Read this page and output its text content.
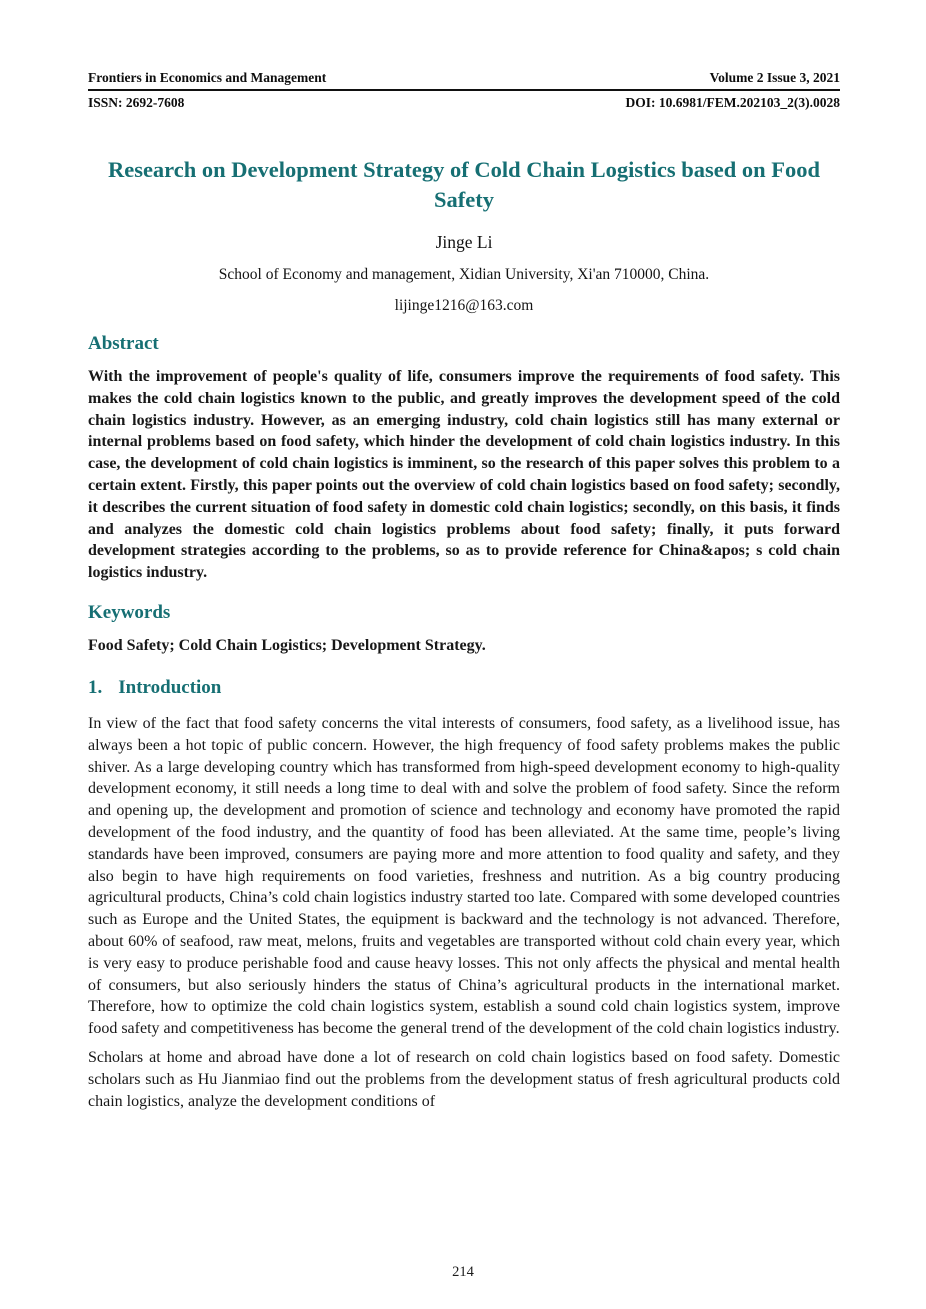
Frontiers in Economics and Management	Volume 2 Issue 3, 2021
ISSN: 2692-7608	DOI: 10.6981/FEM.202103_2(3).0028
Research on Development Strategy of Cold Chain Logistics based on Food Safety
Jinge Li
School of Economy and management, Xidian University, Xi'an 710000, China.
lijinge1216@163.com
Abstract

With the improvement of people's quality of life, consumers improve the requirements of food safety. This makes the cold chain logistics known to the public, and greatly improves the development speed of the cold chain logistics industry. However, as an emerging industry, cold chain logistics still has many external or internal problems based on food safety, which hinder the development of cold chain logistics industry. In this case, the development of cold chain logistics is imminent, so the research of this paper solves this problem to a certain extent. Firstly, this paper points out the overview of cold chain logistics based on food safety; secondly, it describes the current situation of food safety in domestic cold chain logistics; secondly, on this basis, it finds and analyzes the domestic cold chain logistics problems about food safety; finally, it puts forward development strategies according to the problems, so as to provide reference for China&apos; s cold chain logistics industry.

Keywords

Food Safety; Cold Chain Logistics; Development Strategy.

1. Introduction

In view of the fact that food safety concerns the vital interests of consumers, food safety, as a livelihood issue, has always been a hot topic of public concern. However, the high frequency of food safety problems makes the public shiver. As a large developing country which has transformed from high-speed development economy to high-quality development economy, it still needs a long time to deal with and solve the problem of food safety. Since the reform and opening up, the development and promotion of science and technology and economy have promoted the rapid development of the food industry, and the quantity of food has been alleviated. At the same time, people’s living standards have been improved, consumers are paying more and more attention to food quality and safety, and they also begin to have high requirements on food varieties, freshness and nutrition. As a big country producing agricultural products, China’s cold chain logistics industry started too late. Compared with some developed countries such as Europe and the United States, the equipment is backward and the technology is not advanced. Therefore, about 60% of seafood, raw meat, melons, fruits and vegetables are transported without cold chain every year, which is very easy to produce perishable food and cause heavy losses. This not only affects the physical and mental health of consumers, but also seriously hinders the status of China’s agricultural products in the international market. Therefore, how to optimize the cold chain logistics system, establish a sound cold chain logistics system, improve food safety and competitiveness has become the general trend of the development of the cold chain logistics industry.

Scholars at home and abroad have done a lot of research on cold chain logistics based on food safety. Domestic scholars such as Hu Jianmiao find out the problems from the development status of fresh agricultural products cold chain logistics, analyze the development conditions of

214
